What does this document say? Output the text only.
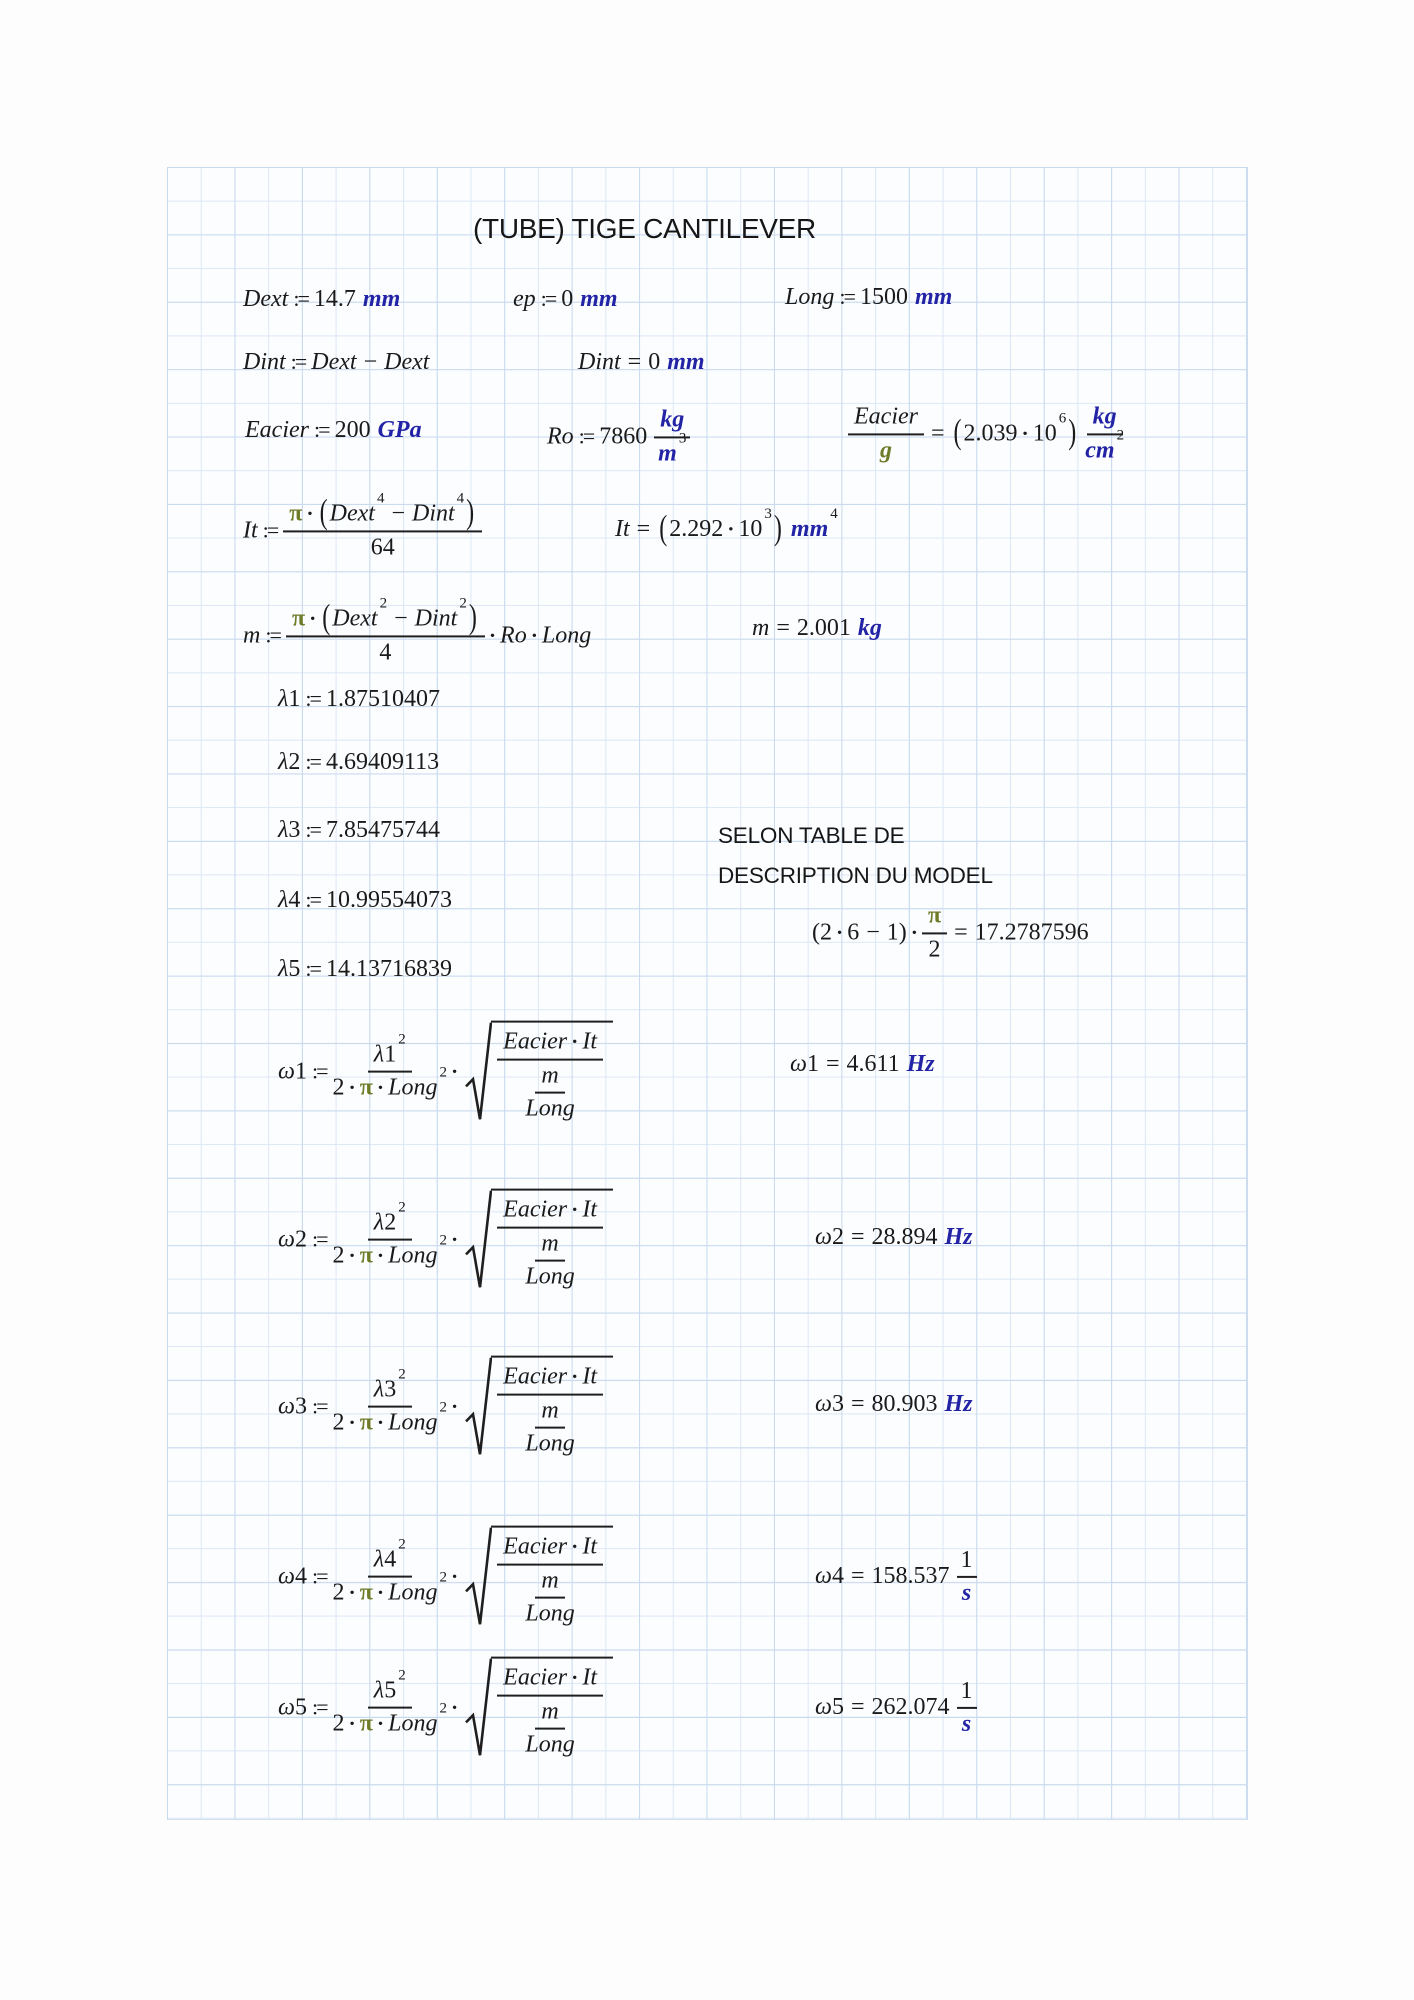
(TUBE) TIGE CANTILEVER
Dext := 14.7 mm	ep := 0 mm	Long := 1500 mm
Dint := Dext − Dext	Dint = 0 mm
Eacier := 200 GPa	Ro := $7860 \frac{kg}{m^3}$	$\frac{\text{Eacier}}{g}$ = ( $2.039 \cdot 10^6$ ) $\frac{kg}{cm^2}$
It := $\frac{\pi \cdot (Dext^4- Dint^4)}{64}$	It = ( $2.292 \cdot 10^3$ ) $mm^4$
m := $\frac{\pi \cdot (Dext^2- Dint^2)}{4} \cdot Ro$ · Long	m = 2.001 kg
λ1 := 1.87510407
λ2 := 4.69409113
λ3 := 7.85475744
λ4 := 10.99554073
λ5 := 14.13716839
SELON TABLE DE
DESCRIPTION DU MODEL
$(2 \cdot 6 - 1) \cdot \frac{\pi}{2} = 17.2787596$
ω1 := $\frac{\lambda 1^2}{2 \cdot \pi \cdot Long^2} \cdot \frac{\text{Eacier · It}}{\frac{m}{\text{Long}}}$	ω1 = 4.611 Hz
ω2 := $\frac{\lambda 2^2}{2 \cdot \pi \cdot Long^2} \cdot \frac{\text{Eacier · It}}{\frac{m}{\text{Long}}}$	ω2 = 28.894 Hz
ω3 := $\frac{\lambda 3^2}{2 \cdot \pi \cdot Long^2} \cdot \frac{\text{Eacier · It}}{\frac{m}{\text{Long}}}$	ω3 = 80.903 Hz
ω4 := $\frac{\lambda 4^2}{2 \cdot \pi \cdot Long^2} \cdot \frac{\text{Eacier · It}}{\frac{m}{\text{Long}}}$	$\omega 4 = 158.537 \frac{1}{s}$
ω5 := $\frac{\lambda 5^2}{2 \cdot \pi \cdot Long^2} \cdot \frac{\text{Eacier · It}}{\frac{m}{\text{Long}}}$	$\omega 5 = 262.074 \frac{1}{s}$
